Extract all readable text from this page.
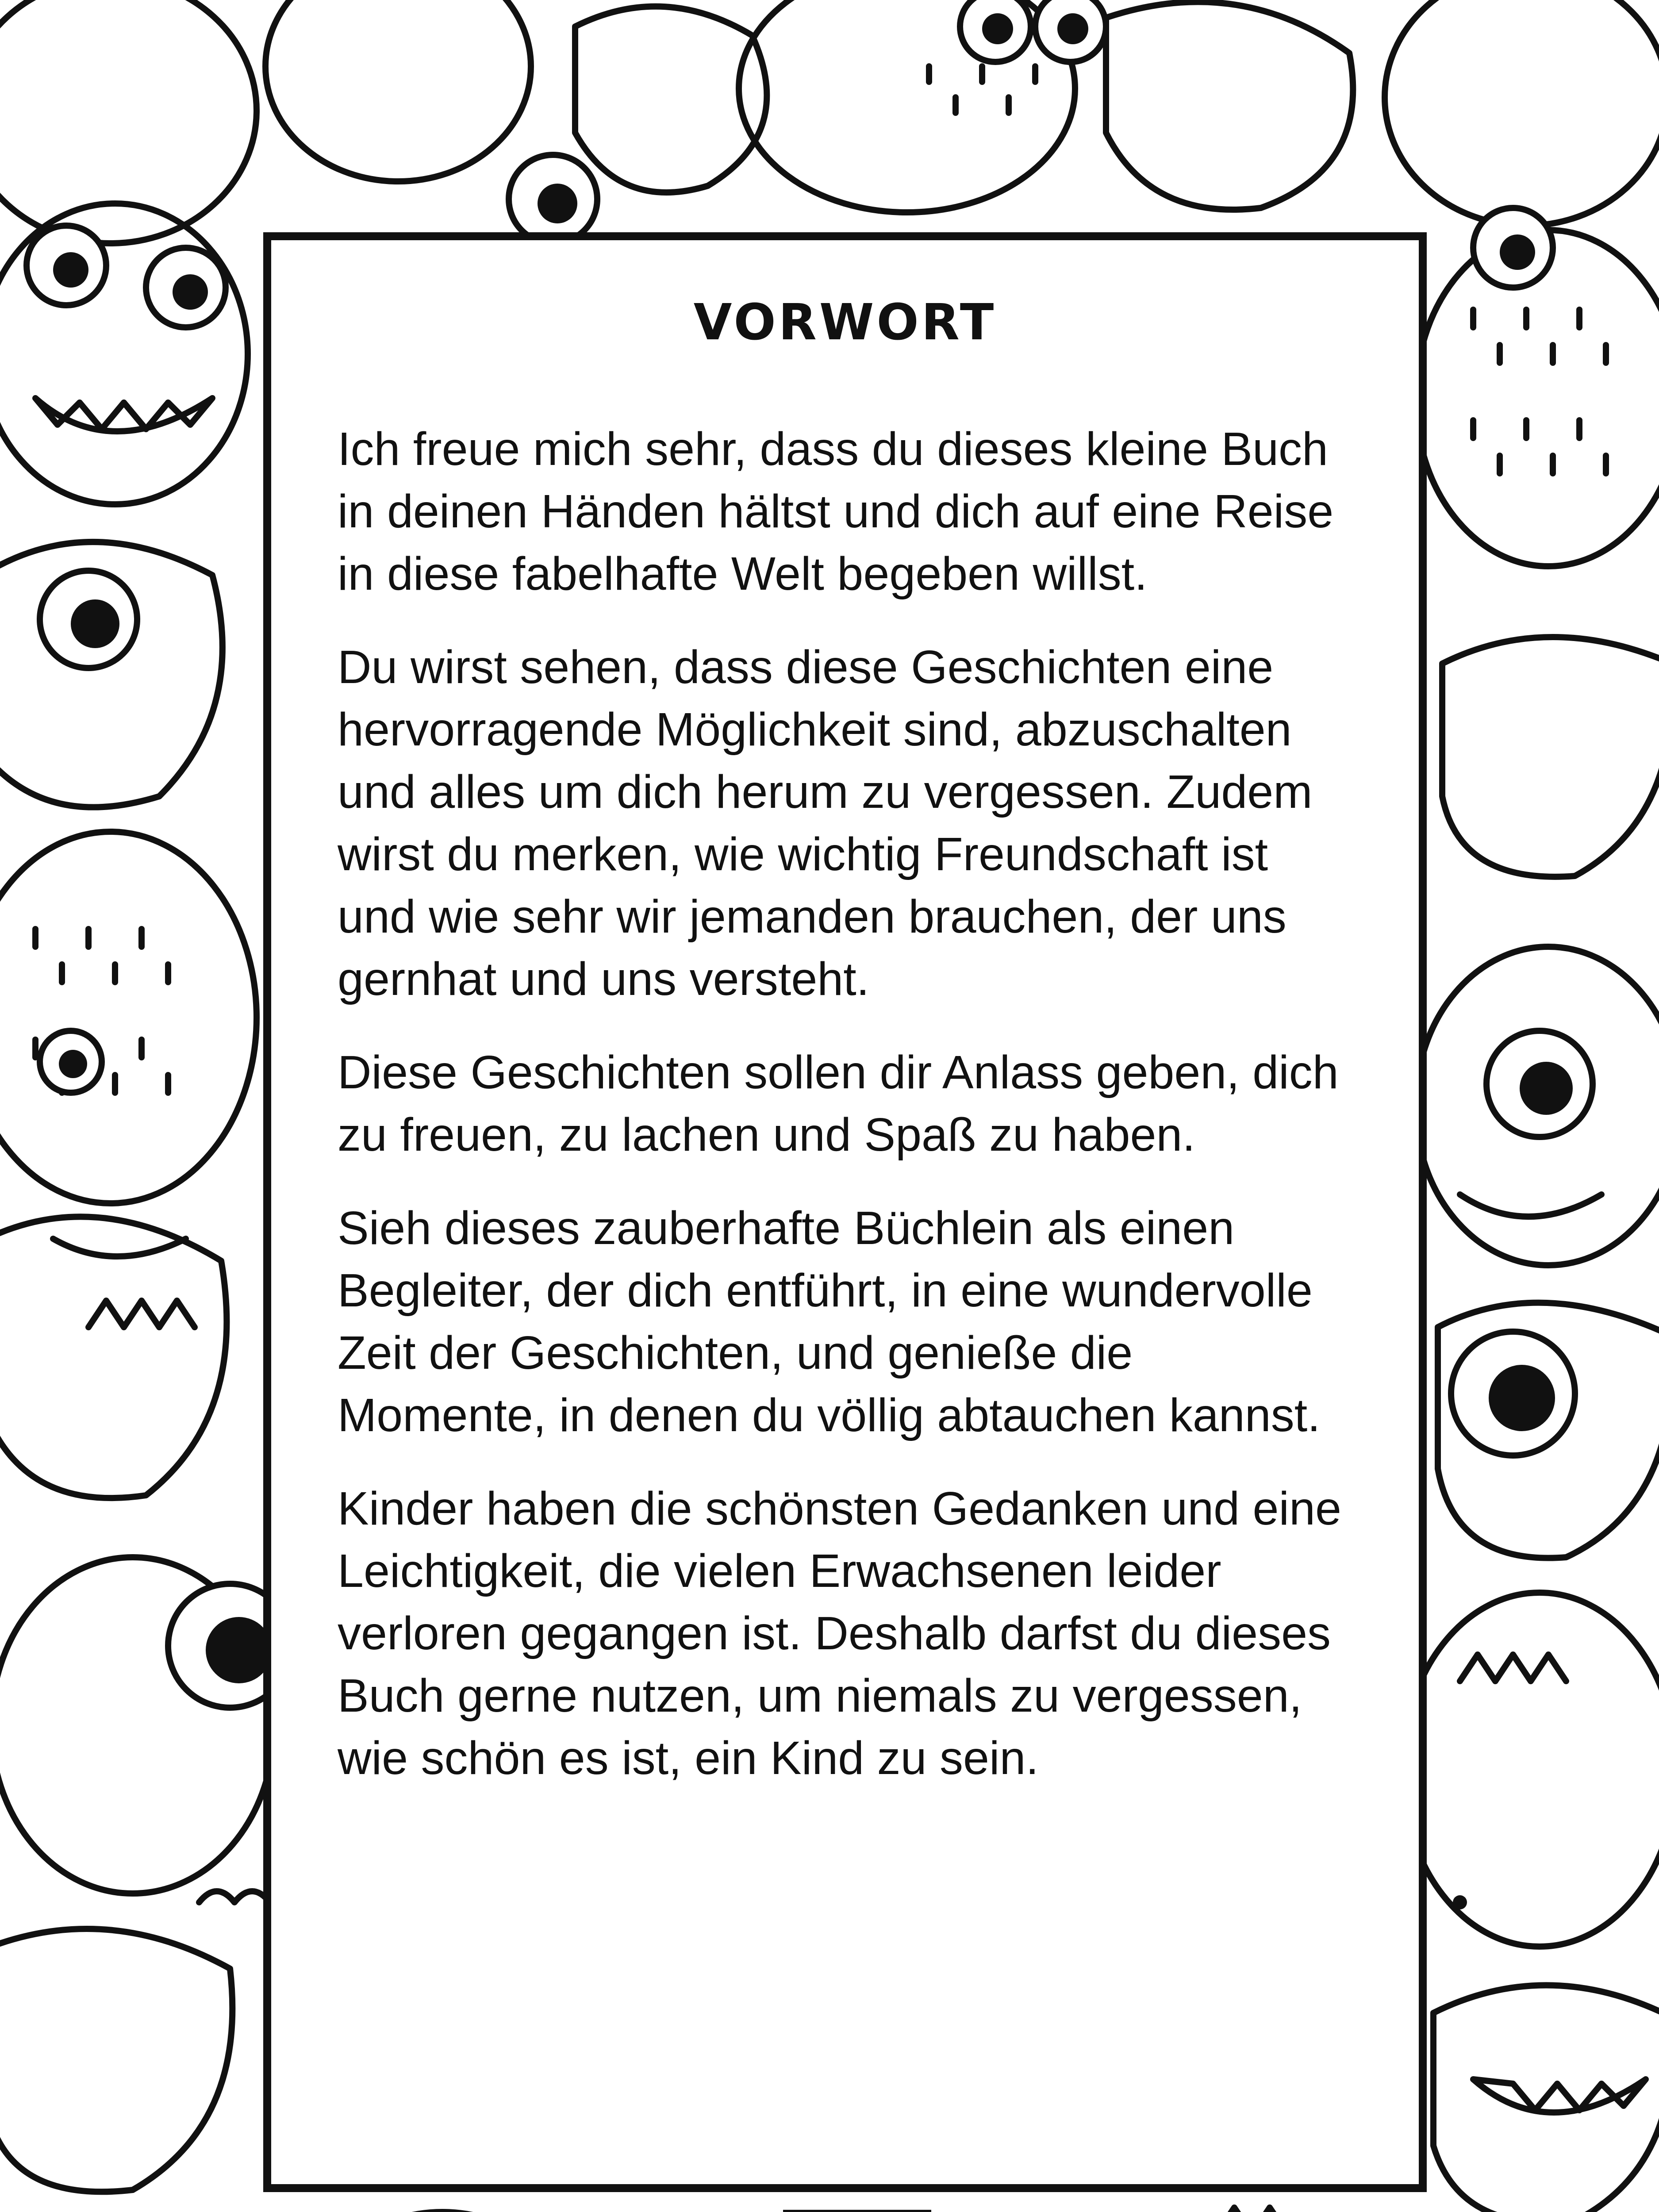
VORWORT

Ich freue mich sehr, dass du dieses kleine Buch in deinen Händen hältst und dich auf eine Reise in diese fabelhafte Welt begeben willst.

Du wirst sehen, dass diese Geschichten eine hervorragende Möglichkeit sind, abzuschalten und alles um dich herum zu vergessen. Zudem wirst du merken, wie wichtig Freundschaft ist und wie sehr wir jemanden brauchen, der uns gernhat und uns versteht.

Diese Geschichten sollen dir Anlass geben, dich zu freuen, zu lachen und Spaß zu haben.

Sieh dieses zauberhafte Büchlein als einen Begleiter, der dich entführt, in eine wundervolle Zeit der Geschichten, und genieße die Momente, in denen du völlig abtauchen kannst.

Kinder haben die schönsten Gedanken und eine Leichtigkeit, die vielen Erwachsenen leider verloren gegangen ist. Deshalb darfst du dieses Buch gerne nutzen, um niemals zu vergessen, wie schön es ist, ein Kind zu sein.
